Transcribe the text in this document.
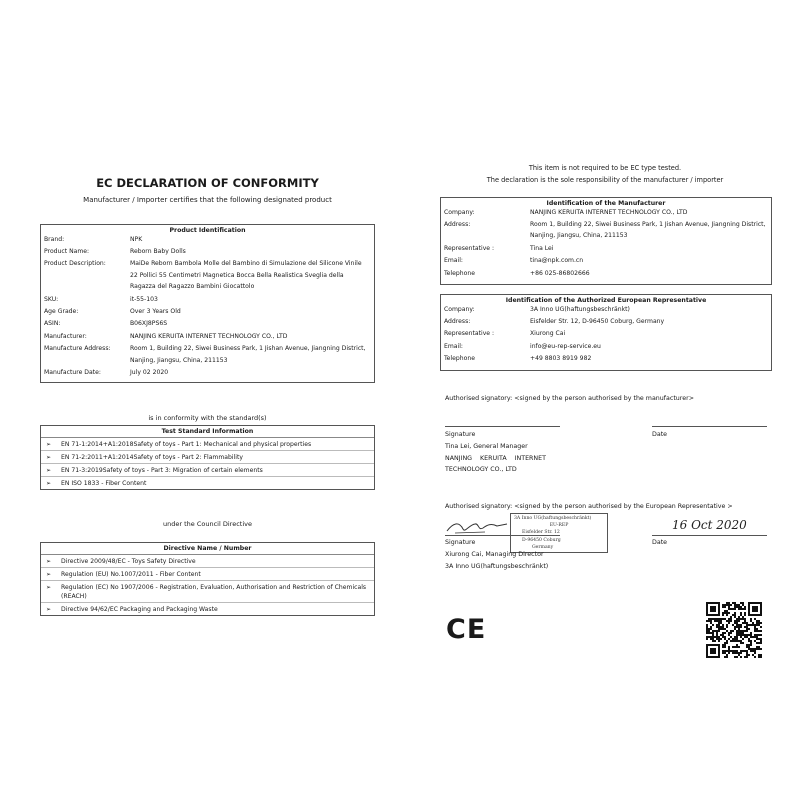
EC DECLARATION OF CONFORMITY
Manufacturer / Importer certifies that the following designated product
Product Identification
Brand:	NPK
Product Name:	Reborn Baby Dolls
Product Description:	MaiDe Reborn Bambola Molle del Bambino di Simulazione del Silicone Vinile 22 Pollici 55 Centimetri Magnetica Bocca Bella Realistica Sveglia della Ragazza del Ragazzo Bambini Giocattolo
SKU:	it-55-103
Age Grade:	Over 3 Years Old
ASIN:	B06XJ8PS6S
Manufacturer:	NANJING KERUITA INTERNET TECHNOLOGY CO., LTD
Manufacture Address:	Room 1, Building 22, Siwei Business Park, 1 Jishan Avenue, Jiangning District, Nanjing, Jiangsu, China, 211153
Manufacture Date:	July 02 2020
is in conformity with the standard(s)
Test Standard Information
➢ EN 71-1:2014+A1:2018Safety of toys - Part 1: Mechanical and physical properties
➢ EN 71-2:2011+A1:2014Safety of toys - Part 2: Flammability
➢ EN 71-3:2019Safety of toys - Part 3: Migration of certain elements
➢ EN ISO 1833 - Fiber Content
under the Council Directive
Directive Name / Number
➢ Directive 2009/48/EC - Toys Safety Directive
➢ Regulation (EU) No.1007/2011 - Fiber Content
➢ Regulation (EC) No 1907/2006 - Registration, Evaluation, Authorisation and Restriction of Chemicals (REACH)
➢ Directive 94/62/EC Packaging and Packaging Waste
This item is not required to be EC type tested.
The declaration is the sole responsibility of the manufacturer / importer
Identification of the Manufacturer
Company:	NANJING KERUITA INTERNET TECHNOLOGY CO., LTD
Address:	Room 1, Building 22, Siwei Business Park, 1 Jishan Avenue, Jiangning District, Nanjing, Jiangsu, China, 211153
Representative :	Tina Lei
Email:	tina@npk.com.cn
Telephone	+86 025-86802666
Identification of the Authorized European Representative
Company:	3A Inno UG(haftungsbeschränkt)
Address:	Eisfelder Str. 12, D-96450 Coburg, Germany
Representative :	Xiurong Cai
Email:	info@eu-rep-service.eu
Telephone	+49 8803 8919 982
Authorised signatory: <signed by the person authorised by the manufacturer>
Signature	Date
Tina Lei, General Manager
NANJING    KERUITA    INTERNET
TECHNOLOGY CO., LTD
Authorised signatory: <signed by the person authorised by the European Representative >
3A Inno UG(haftungsbeschränkt)
EU-REP
Eisfelder Str. 12
D-96450 Coburg
Germany
16 Oct 2020
Signature	Date
Xiurong Cai, Managing Director
3A Inno UG(haftungsbeschränkt)
CE
